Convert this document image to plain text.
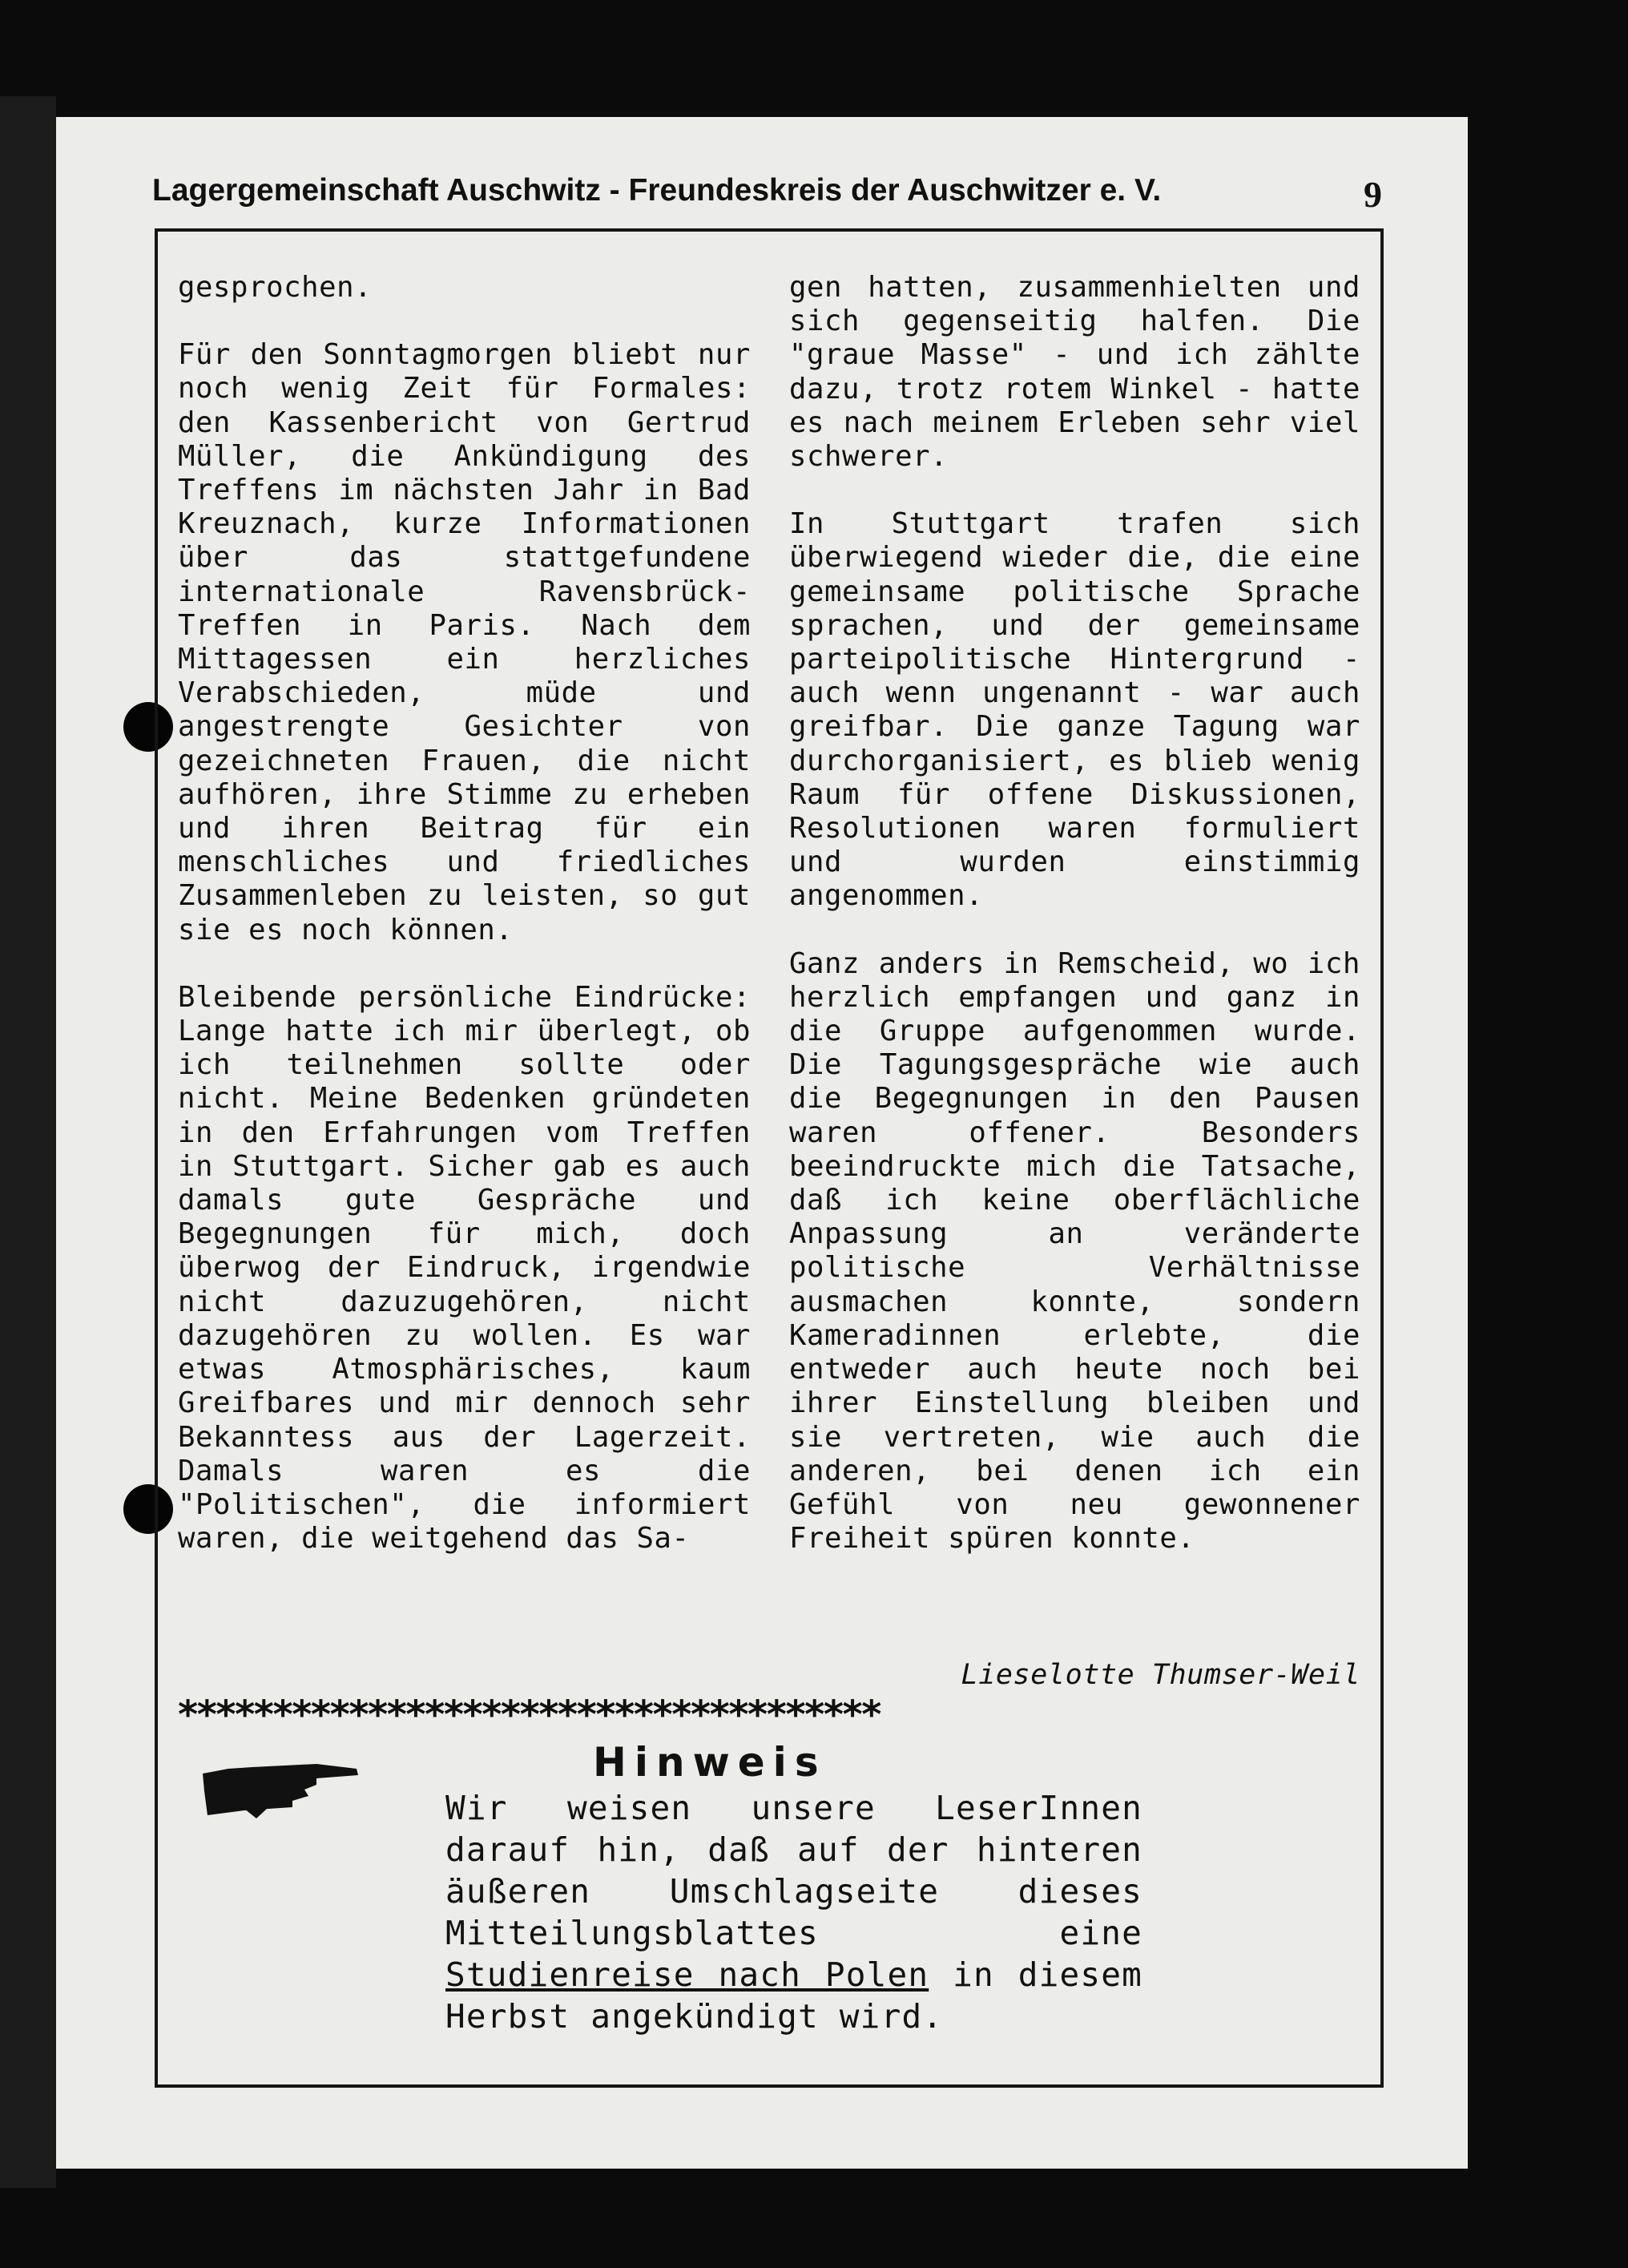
Lagergemeinschaft Auschwitz - Freundeskreis der Auschwitzer e. V.	9

gesprochen.

Für den Sonntagmorgen bliebt nur noch wenig Zeit für Formales: den Kassenbericht von Gertrud Müller, die Ankündigung des Treffens im nächsten Jahr in Bad Kreuznach, kurze Informationen über das stattgefundene internationale Ravensbrück-Treffen in Paris. Nach dem Mittagessen ein herzliches Verabschieden, müde und angestrengte Gesichter von gezeichneten Frauen, die nicht aufhören, ihre Stimme zu erheben und ihren Beitrag für ein menschliches und friedliches Zusammenleben zu leisten, so gut sie es noch können.

Bleibende persönliche Eindrücke: Lange hatte ich mir überlegt, ob ich teilnehmen sollte oder nicht. Meine Bedenken gründeten in den Erfahrungen vom Treffen in Stuttgart. Sicher gab es auch damals gute Gespräche und Begegnungen für mich, doch überwog der Eindruck, irgendwie nicht dazuzugehören, nicht dazugehören zu wollen. Es war etwas Atmosphärisches, kaum Greifbares und mir dennoch sehr Bekanntess aus der Lagerzeit. Damals waren es die "Politischen", die informiert waren, die weitgehend das Sa-

gen hatten, zusammenhielten und sich gegenseitig halfen. Die "graue Masse" - und ich zählte dazu, trotz rotem Winkel - hatte es nach meinem Erleben sehr viel schwerer.

In Stuttgart trafen sich überwiegend wieder die, die eine gemeinsame politische Sprache sprachen, und der gemeinsame parteipolitische Hintergrund - auch wenn ungenannt - war auch greifbar. Die ganze Tagung war durchorganisiert, es blieb wenig Raum für offene Diskussionen, Resolutionen waren formuliert und wurden einstimmig angenommen.

Ganz anders in Remscheid, wo ich herzlich empfangen und ganz in die Gruppe aufgenommen wurde. Die Tagungsgespräche wie auch die Begegnungen in den Pausen waren offener. Besonders beeindruckte mich die Tatsache, daß ich keine oberflächliche Anpassung an veränderte politische Verhältnisse ausmachen konnte, sondern Kameradinnen erlebte, die entweder auch heute noch bei ihrer Einstellung bleiben und sie vertreten, wie auch die anderen, bei denen ich ein Gefühl von neu gewonnener Freiheit spüren konnte.

Lieselotte Thumser-Weil
*************************************
Hinweis
Wir weisen unsere LeserInnen darauf hin, daß auf der hinteren äußeren Umschlagseite dieses Mitteilungsblattes eine Studienreise nach Polen in diesem Herbst angekündigt wird.
